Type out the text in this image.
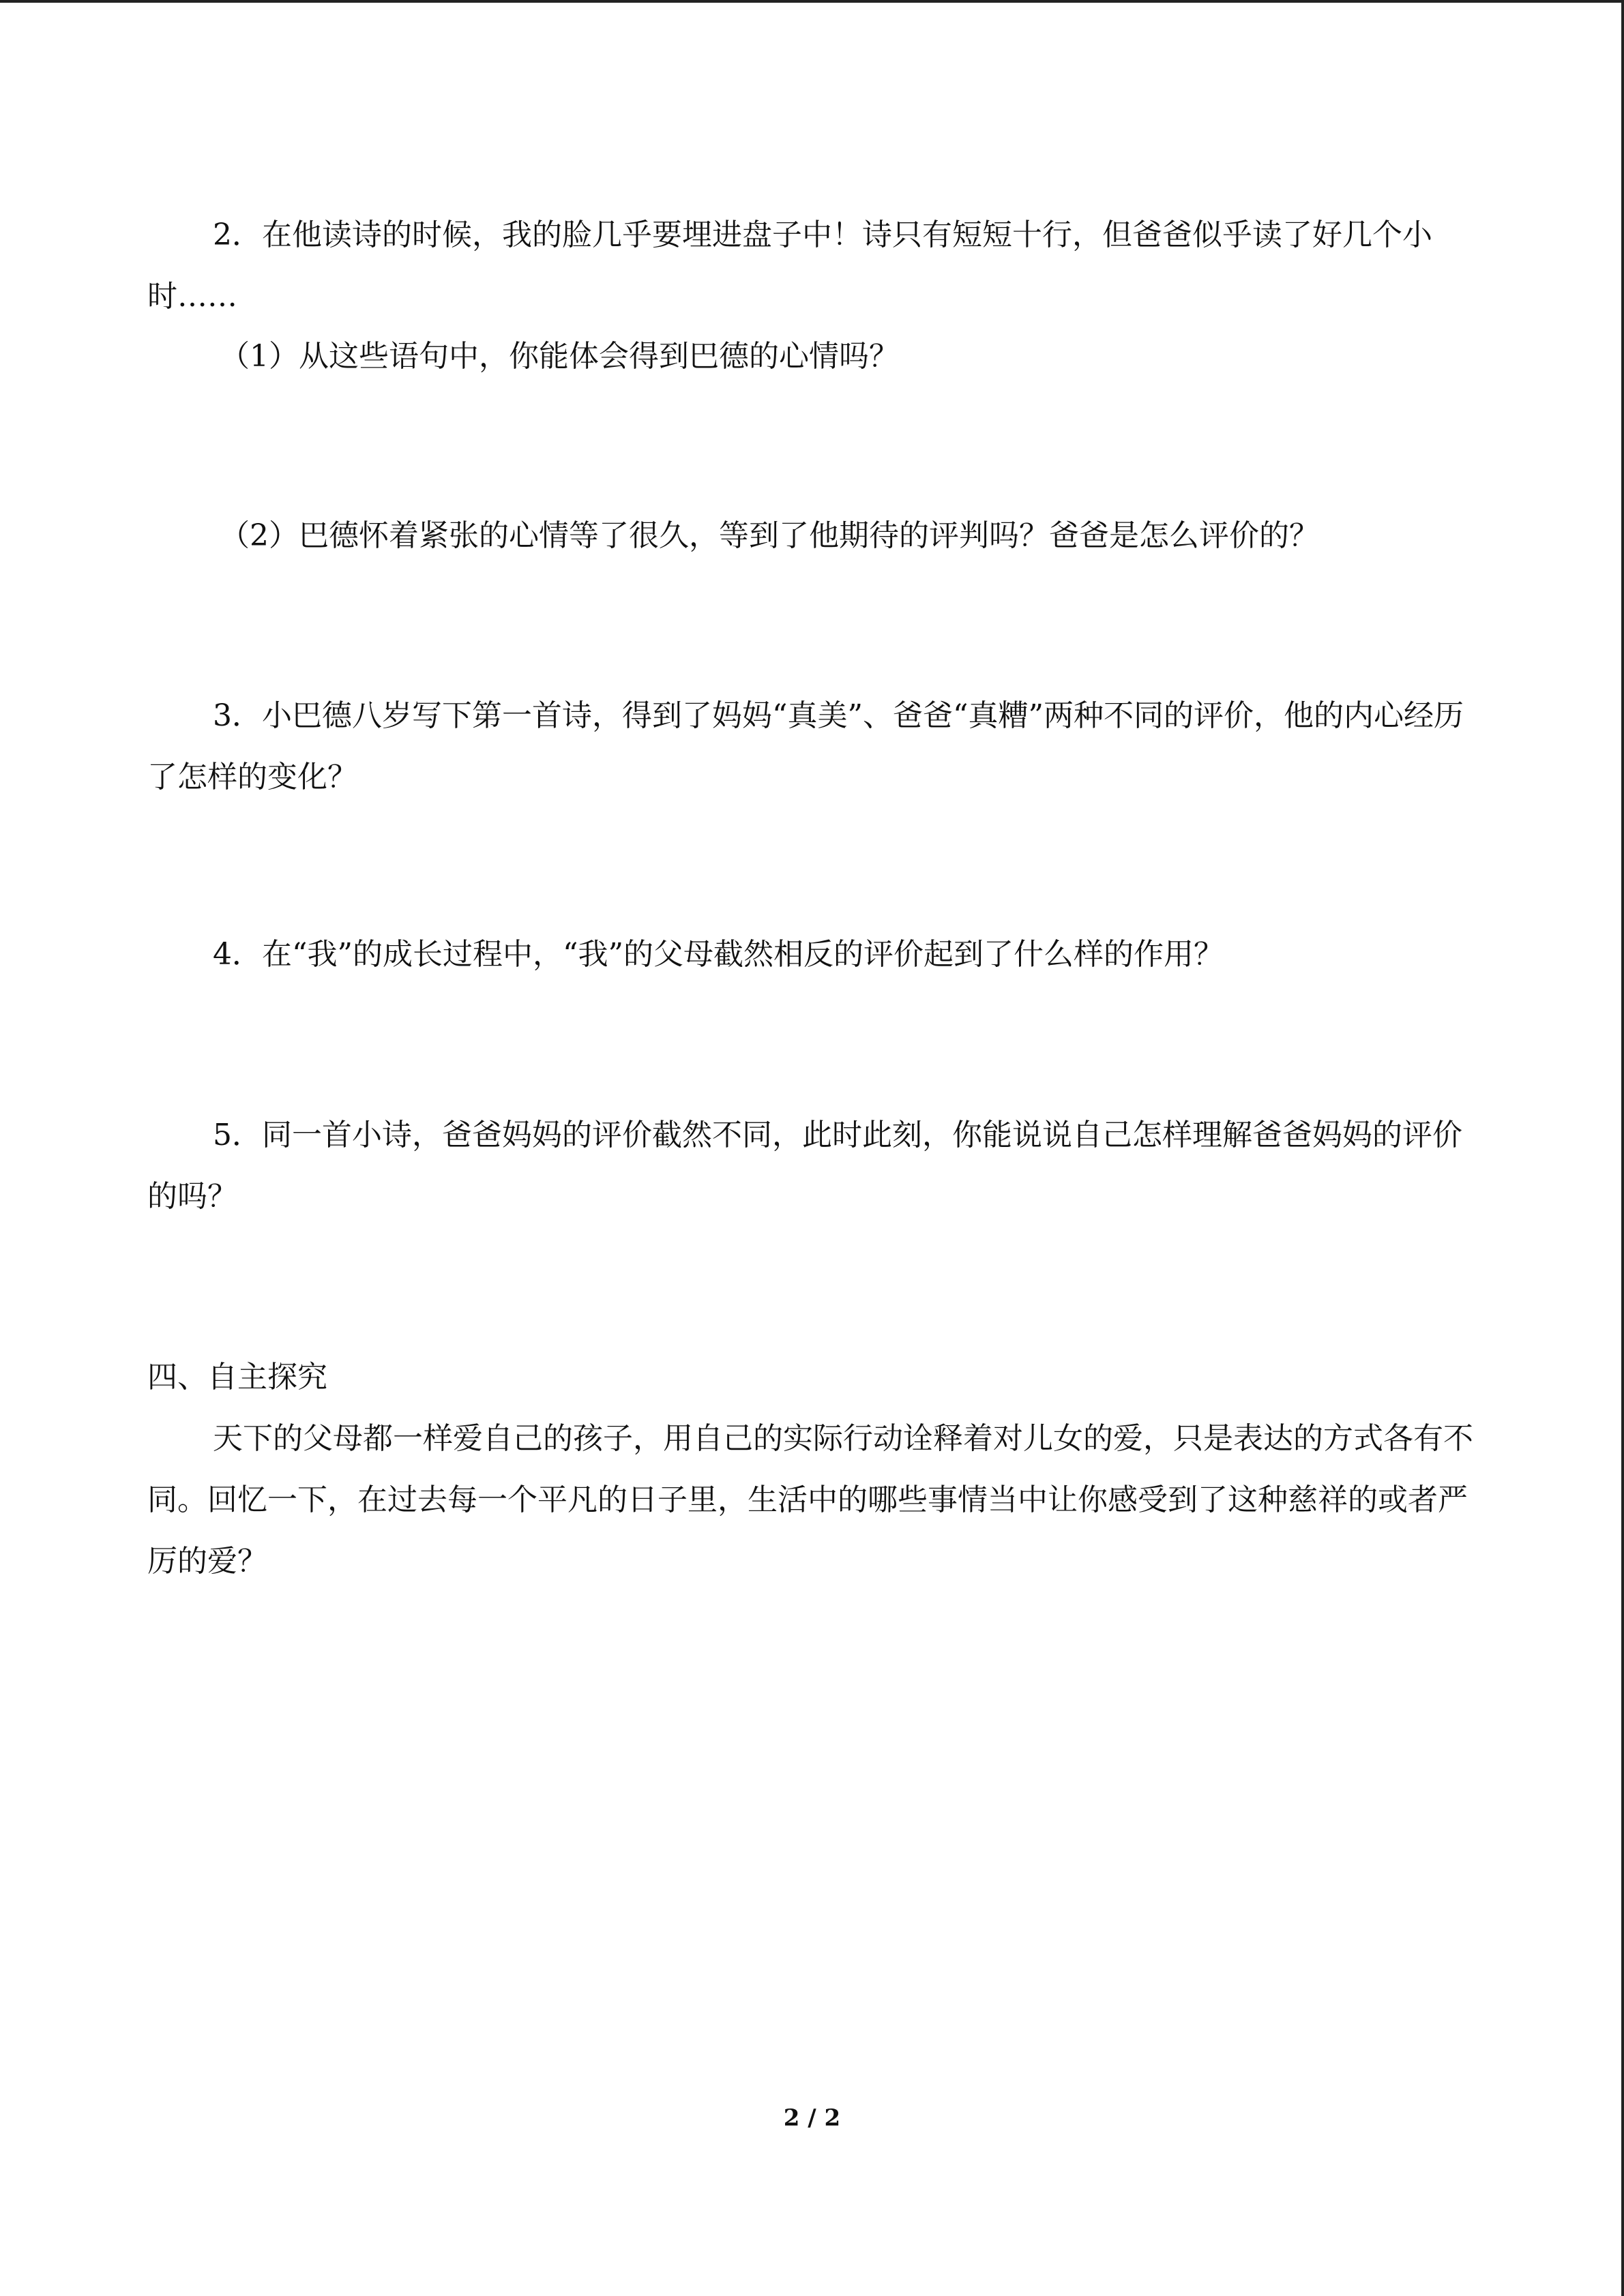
2．在他读诗的时候，我的脸几乎要埋进盘子中！诗只有短短十行，但爸爸似乎读了好几个小时……

（1）从这些语句中，你能体会得到巴德的心情吗？

（2）巴德怀着紧张的心情等了很久，等到了他期待的评判吗？爸爸是怎么评价的？

3．小巴德八岁写下第一首诗，得到了妈妈“真美”、爸爸“真糟”两种不同的评价，他的内心经历了怎样的变化？

4．在“我”的成长过程中，“我”的父母截然相反的评价起到了什么样的作用？

5．同一首小诗，爸爸妈妈的评价截然不同，此时此刻，你能说说自己怎样理解爸爸妈妈的评价的吗？

四、自主探究

天下的父母都一样爱自己的孩子，用自己的实际行动诠释着对儿女的爱，只是表达的方式各有不同。回忆一下，在过去每一个平凡的日子里，生活中的哪些事情当中让你感受到了这种慈祥的或者严厉的爱？

2 / 2
